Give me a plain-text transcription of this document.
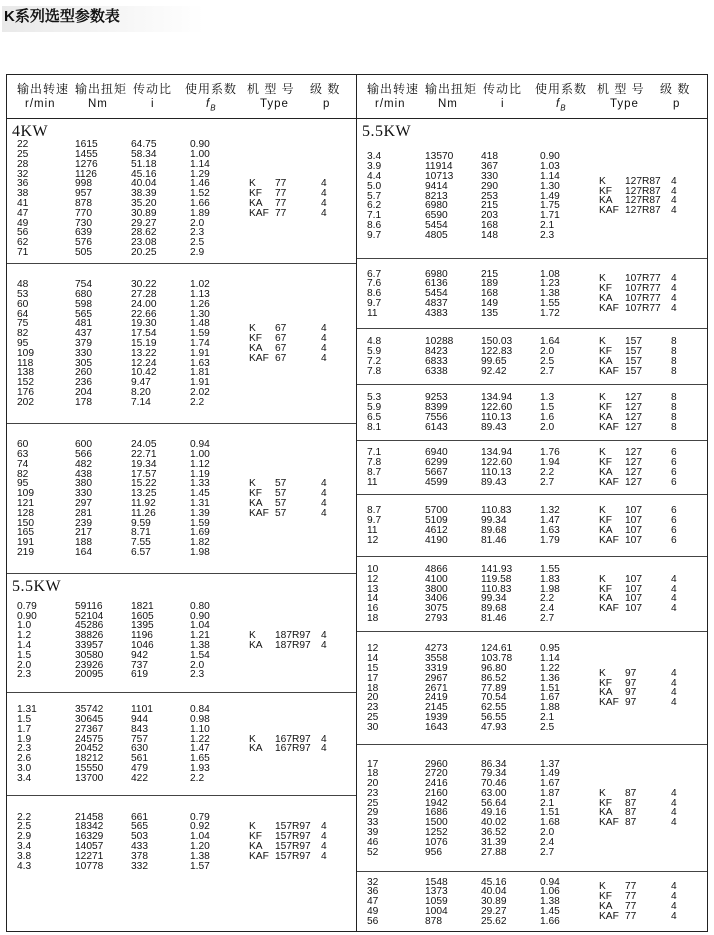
K系列选型参数表
输出转速
r/min
输出扭矩
Nm
传动比
i
使用系数
$f_B$
机 型 号
Type
级 数
p
输出转速
r/min
输出扭矩
Nm
传动比
i
使用系数
$f_B$
机 型 号
Type
级 数
p
4KW
22
25
28
32
36
38
41
47
49
56
62
71
1615
1455
1276
1126
998
957
878
770
730
639
576
505
64.75
58.34
51.18
45.16
40.04
38.39
35.20
30.89
29.27
28.62
23.08
20.25
0.90
1.00
1.14
1.29
1.46
1.52
1.66
1.89
2.0
2.3
2.5
2.9
K
KF
KA
KAF
77
77
77
77
4
4
4
4
48
53
60
64
75
82
95
109
118
138
152
176
202
754
680
598
565
481
437
379
330
305
260
236
204
178
30.22
27.28
24.00
22.66
19.30
17.54
15.19
13.22
12.24
10.42
9.47
8.20
7.14
1.02
1.13
1.26
1.30
1.48
1.59
1.74
1.91
1.63
1.81
1.91
2.02
2.2
K
KF
KA
KAF
67
67
67
67
4
4
4
4
60
63
74
82
95
109
121
128
150
165
191
219
600
566
482
438
380
330
297
281
239
217
188
164
24.05
22.71
19.34
17.57
15.22
13.25
11.92
11.26
9.59
8.71
7.55
6.57
0.94
1.00
1.12
1.19
1.33
1.45
1.31
1.39
1.59
1.69
1.82
1.98
K
KF
KA
KAF
57
57
57
57
4
4
4
4
5.5KW
0.79
0.90
1.0
1.2
1.4
1.5
2.0
2.3
59116
52104
45286
38826
33957
30580
23926
20095
1821
1605
1395
1196
1046
942
737
619
0.80
0.90
1.04
1.21
1.38
1.54
2.0
2.3
K
KA
187R97
187R97
4
4
1.31
1.5
1.7
1.9
2.3
2.6
3.0
3.4
35742
30645
27367
24575
20452
18212
15550
13700
1101
944
843
757
630
561
479
422
0.84
0.98
1.10
1.22
1.47
1.65
1.93
2.2
K
KA
167R97
167R97
4
4
2.2
2.5
2.9
3.4
3.8
4.3
21458
18342
16329
14057
12271
10778
661
565
503
433
378
332
0.79
0.92
1.04
1.20
1.38
1.57
K
KF
KA
KAF
157R97
157R97
157R97
157R97
4
4
4
4
5.5KW
3.4
3.9
4.4
5.0
5.7
6.2
7.1
8.6
9.7
13570
11914
10713
9414
8213
6980
6590
5454
4805
418
367
330
290
253
215
203
168
148
0.90
1.03
1.14
1.30
1.49
1.75
1.71
2.1
2.3
K
KF
KA
KAF
127R87
127R87
127R87
127R87
4
4
4
4
6.7
7.6
8.6
9.7
11
6980
6136
5454
4837
4383
215
189
168
149
135
1.08
1.23
1.38
1.55
1.72
K
KF
KA
KAF
107R77
107R77
107R77
107R77
4
4
4
4
4.8
5.9
7.2
7.8
10288
8423
6833
6338
150.03
122.83
99.65
92.42
1.64
2.0
2.5
2.7
K
KF
KA
KAF
157
157
157
157
8
8
8
8
5.3
5.9
6.5
8.1
9253
8399
7556
6143
134.94
122.60
110.13
89.43
1.3
1.5
1.6
2.0
K
KF
KA
KAF
127
127
127
127
8
8
8
8
7.1
7.8
8.7
11
6940
6299
5667
4599
134.94
122.60
110.13
89.43
1.76
1.94
2.2
2.7
K
KF
KA
KAF
127
127
127
127
6
6
6
6
8.7
9.7
11
12
5700
5109
4612
4190
110.83
99.34
89.68
81.46
1.32
1.47
1.63
1.79
K
KF
KA
KAF
107
107
107
107
6
6
6
6
10
12
13
14
16
18
4866
4100
3800
3406
3075
2793
141.93
119.58
110.83
99.34
89.68
81.46
1.55
1.83
1.98
2.2
2.4
2.7
K
KF
KA
KAF
107
107
107
107
4
4
4
4
12
14
15
17
18
20
23
25
30
4273
3558
3319
2967
2671
2419
2145
1939
1643
124.61
103.78
96.80
86.52
77.89
70.54
62.55
56.55
47.93
0.95
1.14
1.22
1.36
1.51
1.67
1.88
2.1
2.5
K
KF
KA
KAF
97
97
97
97
4
4
4
4
17
18
20
23
25
29
33
39
46
52
2960
2720
2416
2160
1942
1686
1500
1252
1076
956
86.34
79.34
70.46
63.00
56.64
49.16
40.02
36.52
31.39
27.88
1.37
1.49
1.67
1.87
2.1
1.51
1.68
2.0
2.4
2.7
K
KF
KA
KAF
87
87
87
87
4
4
4
4
32
36
47
49
56
1548
1373
1059
1004
878
45.16
40.04
30.89
29.27
25.62
0.94
1.06
1.38
1.45
1.66
K
KF
KA
KAF
77
77
77
77
4
4
4
4
